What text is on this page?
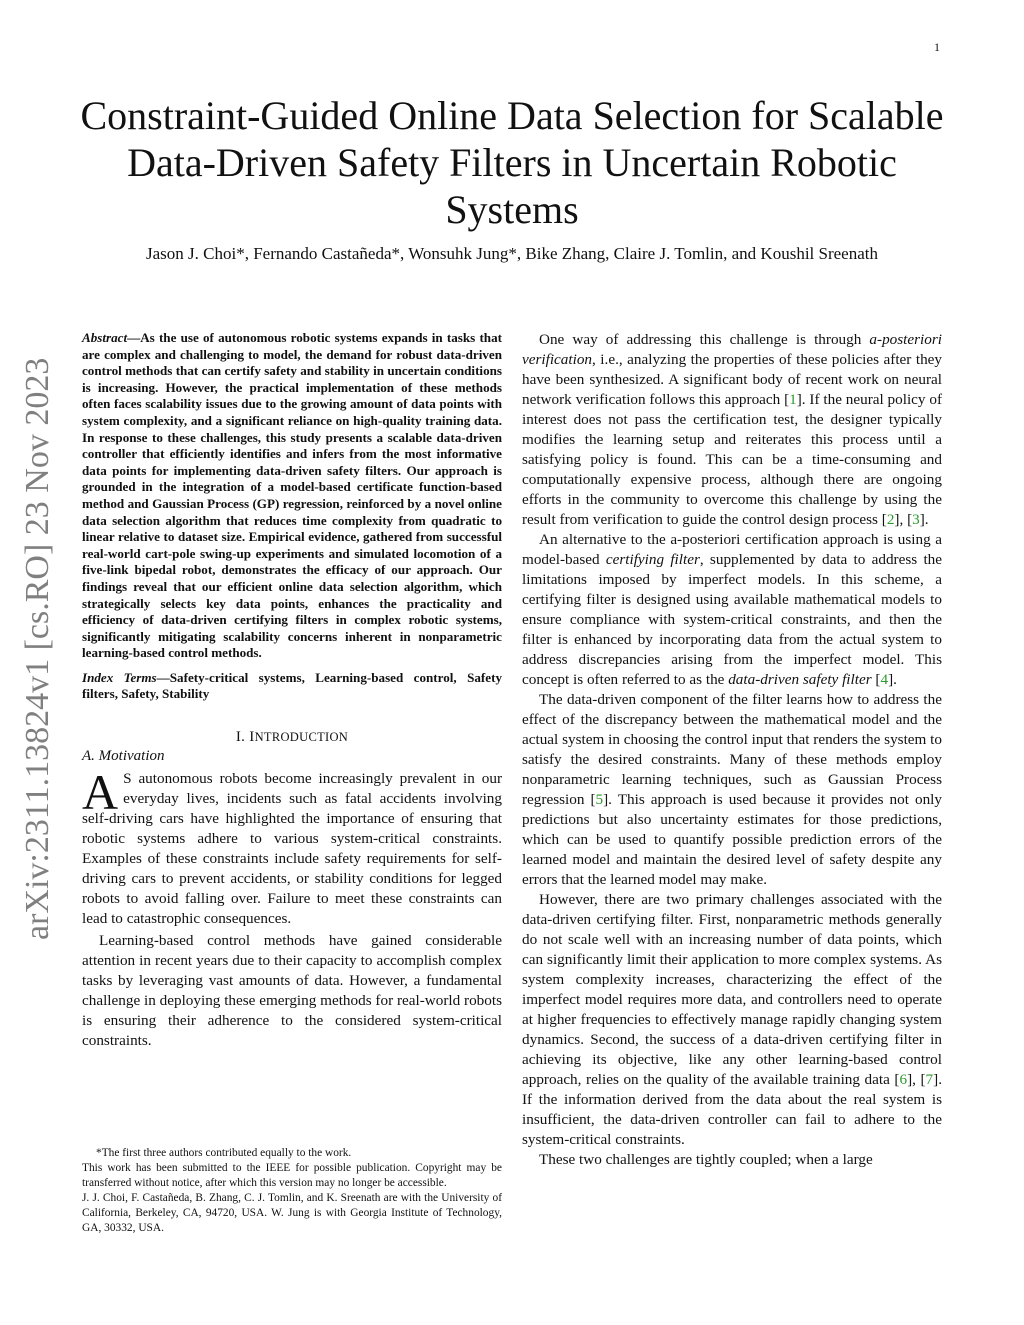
1
arXiv:2311.13824v1 [cs.RO] 23 Nov 2023
Constraint-Guided Online Data Selection for Scalable Data-Driven Safety Filters in Uncertain Robotic Systems
Jason J. Choi*, Fernando Castañeda*, Wonsuhk Jung*, Bike Zhang, Claire J. Tomlin, and Koushil Sreenath

Abstract—As the use of autonomous robotic systems expands in tasks that are complex and challenging to model, the demand for robust data-driven control methods that can certify safety and stability in uncertain conditions is increasing. However, the practical implementation of these methods often faces scalability issues due to the growing amount of data points with system complexity, and a significant reliance on high-quality training data. In response to these challenges, this study presents a scalable data-driven controller that efficiently identifies and infers from the most informative data points for implementing data-driven safety filters. Our approach is grounded in the integration of a model-based certificate function-based method and Gaussian Process (GP) regression, reinforced by a novel online data selection algorithm that reduces time complexity from quadratic to linear relative to dataset size. Empirical evidence, gathered from successful real-world cart-pole swing-up experiments and simulated locomotion of a five-link bipedal robot, demonstrates the efficacy of our approach. Our findings reveal that our efficient online data selection algorithm, which strategically selects key data points, enhances the practicality and efficiency of data-driven certifying filters in complex robotic systems, significantly mitigating scalability concerns inherent in nonparametric learning-based control methods.

Index Terms—Safety-critical systems, Learning-based control, Safety filters, Safety, Stability

I. INTRODUCTION
A. Motivation

A S autonomous robots become increasingly prevalent in our everyday lives, incidents such as fatal accidents involving self-driving cars have highlighted the importance of ensuring that robotic systems adhere to various system-critical constraints. Examples of these constraints include safety requirements for self-driving cars to prevent accidents, or stability conditions for legged robots to avoid falling over. Failure to meet these constraints can lead to catastrophic consequences.

Learning-based control methods have gained considerable attention in recent years due to their capacity to accomplish complex tasks by leveraging vast amounts of data. However, a fundamental challenge in deploying these emerging methods for real-world robots is ensuring their adherence to the considered system-critical constraints.

*The first three authors contributed equally to the work.

This work has been submitted to the IEEE for possible publication. Copyright may be transferred without notice, after which this version may no longer be accessible.

J. J. Choi, F. Castañeda, B. Zhang, C. J. Tomlin, and K. Sreenath are with the University of California, Berkeley, CA, 94720, USA. W. Jung is with Georgia Institute of Technology, GA, 30332, USA.

One way of addressing this challenge is through a-posteriori verification, i.e., analyzing the properties of these policies after they have been synthesized. A significant body of recent work on neural network verification follows this approach [1]. If the neural policy of interest does not pass the certification test, the designer typically modifies the learning setup and reiterates this process until a satisfying policy is found. This can be a time-consuming and computationally expensive process, although there are ongoing efforts in the community to overcome this challenge by using the result from verification to guide the control design process [2], [3].

An alternative to the a-posteriori certification approach is using a model-based certifying filter, supplemented by data to address the limitations imposed by imperfect models. In this scheme, a certifying filter is designed using available mathematical models to ensure compliance with system-critical constraints, and then the filter is enhanced by incorporating data from the actual system to address discrepancies arising from the imperfect model. This concept is often referred to as the data-driven safety filter [4].

The data-driven component of the filter learns how to address the effect of the discrepancy between the mathematical model and the actual system in choosing the control input that renders the system to satisfy the desired constraints. Many of these methods employ nonparametric learning techniques, such as Gaussian Process regression [5]. This approach is used because it provides not only predictions but also uncertainty estimates for those predictions, which can be used to quantify possible prediction errors of the learned model and maintain the desired level of safety despite any errors that the learned model may make.

However, there are two primary challenges associated with the data-driven certifying filter. First, nonparametric methods generally do not scale well with an increasing number of data points, which can significantly limit their application to more complex systems. As system complexity increases, characterizing the effect of the imperfect model requires more data, and controllers need to operate at higher frequencies to effectively manage rapidly changing system dynamics. Second, the success of a data-driven certifying filter in achieving its objective, like any other learning-based control approach, relies on the quality of the available training data [6], [7]. If the information derived from the data about the real system is insufficient, the data-driven controller can fail to adhere to the system-critical constraints.

These two challenges are tightly coupled; when a large
